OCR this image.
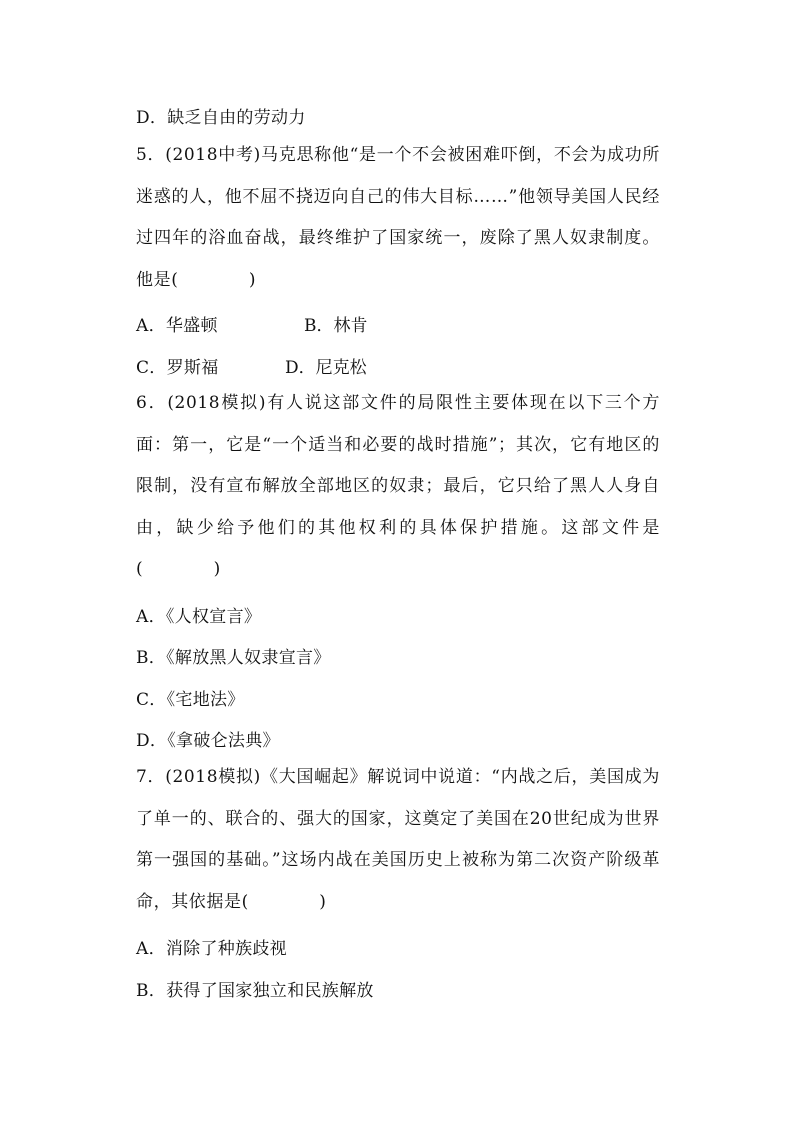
D．缺乏自由的劳动力
5．(2018中考)马克思称他“是一个不会被困难吓倒，不会为成功所迷惑的人，他不屈不挠迈向自己的伟大目标……”他领导美国人民经过四年的浴血奋战，最终维护了国家统一，废除了黑人奴隶制度。他是(　　　　)
A．华盛顿	B．林肯
C．罗斯福	D．尼克松
6．(2018模拟)有人说这部文件的局限性主要体现在以下三个方面：第一，它是“一个适当和必要的战时措施”；其次，它有地区的限制，没有宣布解放全部地区的奴隶；最后，它只给了黑人人身自由，缺少给予他们的其他权利的具体保护措施。这部文件是(　　　　)
A．《人权宣言》
B．《解放黑人奴隶宣言》
C．《宅地法》
D．《拿破仑法典》
7．(2018模拟)《大国崛起》解说词中说道：“内战之后，美国成为了单一的、联合的、强大的国家，这奠定了美国在20世纪成为世界第一强国的基础。”这场内战在美国历史上被称为第二次资产阶级革命，其依据是(　　　　)
A．消除了种族歧视
B．获得了国家独立和民族解放
